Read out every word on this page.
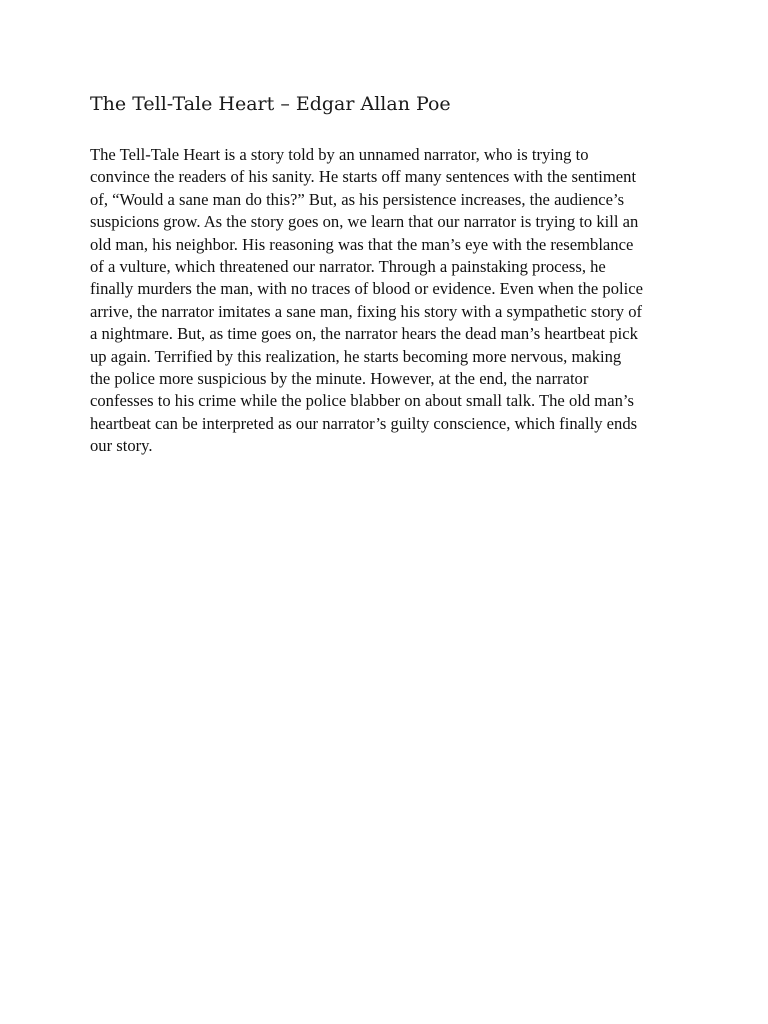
The Tell-Tale Heart – Edgar Allan Poe

The Tell-Tale Heart is a story told by an unnamed narrator, who is trying to
convince the readers of his sanity. He starts off many sentences with the sentiment
of, “Would a sane man do this?” But, as his persistence increases, the audience’s
suspicions grow. As the story goes on, we learn that our narrator is trying to kill an
old man, his neighbor. His reasoning was that the man’s eye with the resemblance
of a vulture, which threatened our narrator. Through a painstaking process, he
finally murders the man, with no traces of blood or evidence. Even when the police
arrive, the narrator imitates a sane man, fixing his story with a sympathetic story of
a nightmare. But, as time goes on, the narrator hears the dead man’s heartbeat pick
up again. Terrified by this realization, he starts becoming more nervous, making
the police more suspicious by the minute. However, at the end, the narrator
confesses to his crime while the police blabber on about small talk. The old man’s
heartbeat can be interpreted as our narrator’s guilty conscience, which finally ends
our story.
